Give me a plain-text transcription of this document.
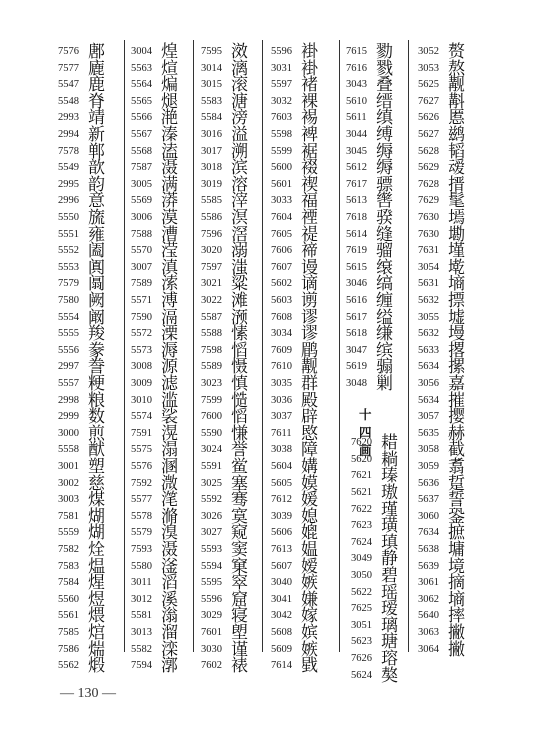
7576 鄌
7577 廘
5547 鹿
5548 脊
2993 靖
2994 新
7578 郸
5549 歆
2995 韵
2996 意
5550 旒
5551 雍
5552 阖
5553 阗
7579 阘
7580 阙
5554 阚
5555 羧
5556 豢
2997 誊
5557 粳
2998 粮
2999 数
3000 煎
5558 猷
3001 塑
3002 慈
3003 煤
7581 煳
5559 煳
7582 烇
7583 煴
7584 煋
5560 煜
5561 煨
7585 熍
7586 煓
5562 煅
3004 煌
5563 煊
5564 煸
5565 煺
5566 滟
5567 溱
5568 溘
7587 滠
3005 满
5569 漭
3006 漠
7588 漕
5570 滢
3007 滇
7589 溹
5571 溥
7590 滆
5572 溧
5573 溽
3008 源
3009 滤
3010 滥
5574 裟
7591 滉
5575 溻
5576 溷
7592 溦
5577 滗
5578 滫
5579 溴
7593 滠
5580 滏
3011 滔
3012 溪
5581 滃
3013 溜
5582 滦
7594 漷
7595 滧
3014 漓
3015 滚
5583 溏
5584 滂
3016 溢
3017 溯
3018 滨
3019 溶
5585 滓
5586 溟
7596 滘
3020 溺
7597 滍
3021 粱
3022 滩
5587 滪
5588 愫
7598 慆
5589 慑
3023 慎
7599 慥
7600 慆
5590 慊
3024 誉
5591 鲎
3025 塞
5592 骞
3026 寞
3027 窥
5593 窦
5594 窠
5595 窣
5596 窟
3029 寝
7601 塱
3030 谨
7602 裱
5596 褂
3031 褂
5597 褚
3032 裸
7603 裼
5598 裨
5599 裾
5600 裰
5601 禊
3033 福
7604 禋
7605 禔
7606 禘
7607 谩
5602 谪
5603 谫
7608 谬
3034 谬
7609 鹛
7610 觏
3035 群
3036 殿
3037 辟
7611 愍
3038 障
5604 媾
5605 嫫
7612 媛
3039 媳
5606 媲
7613 媪
5607 嫒
3040 嫉
3041 嫌
3042 嫁
5608 嫔
5609 嫉
7614 戥
7615 勠
7616 戮
3043 叠
5610 缙
5611 缜
3044 缚
3045 缛
5612 缛
7617 骠
5613 辔
7618 骙
5614 缝
7619 骝
5615 缞
3046 缟
5616 缠
5617 缢
5618 缣
3047 缤
5619 骟
3048 剿
十四画
7620 耤
5620 耥
7621 瑧
5621 璈
7622 瑾
7623 璜
7624 瑱
3049 静
3050 碧
5622 瑶
7625 瑷
3051 璃
5623 瑭
7626 瑢
5624 獒
3052 赘
3053 熬
5625 觏
7627 斠
5626 慝
5627 鹚
5628 韬
5629 叆
7628 搢
7629 髦
7630 墕
7630 墈
7631 墐
3054 墘
5631 墒
5632 摽
3055 墟
5632 墁
5633 撂
5634 摞
3056 嘉
5634 摧
3057 撄
5635 赫
3058 截
3059 翥
5636 踅
5637 誓
3060 銎
7634 摭
5638 墉
5639 境
3061 摘
3062 墒
5640 摔
3063 撇
3064 撇
— 130 —
